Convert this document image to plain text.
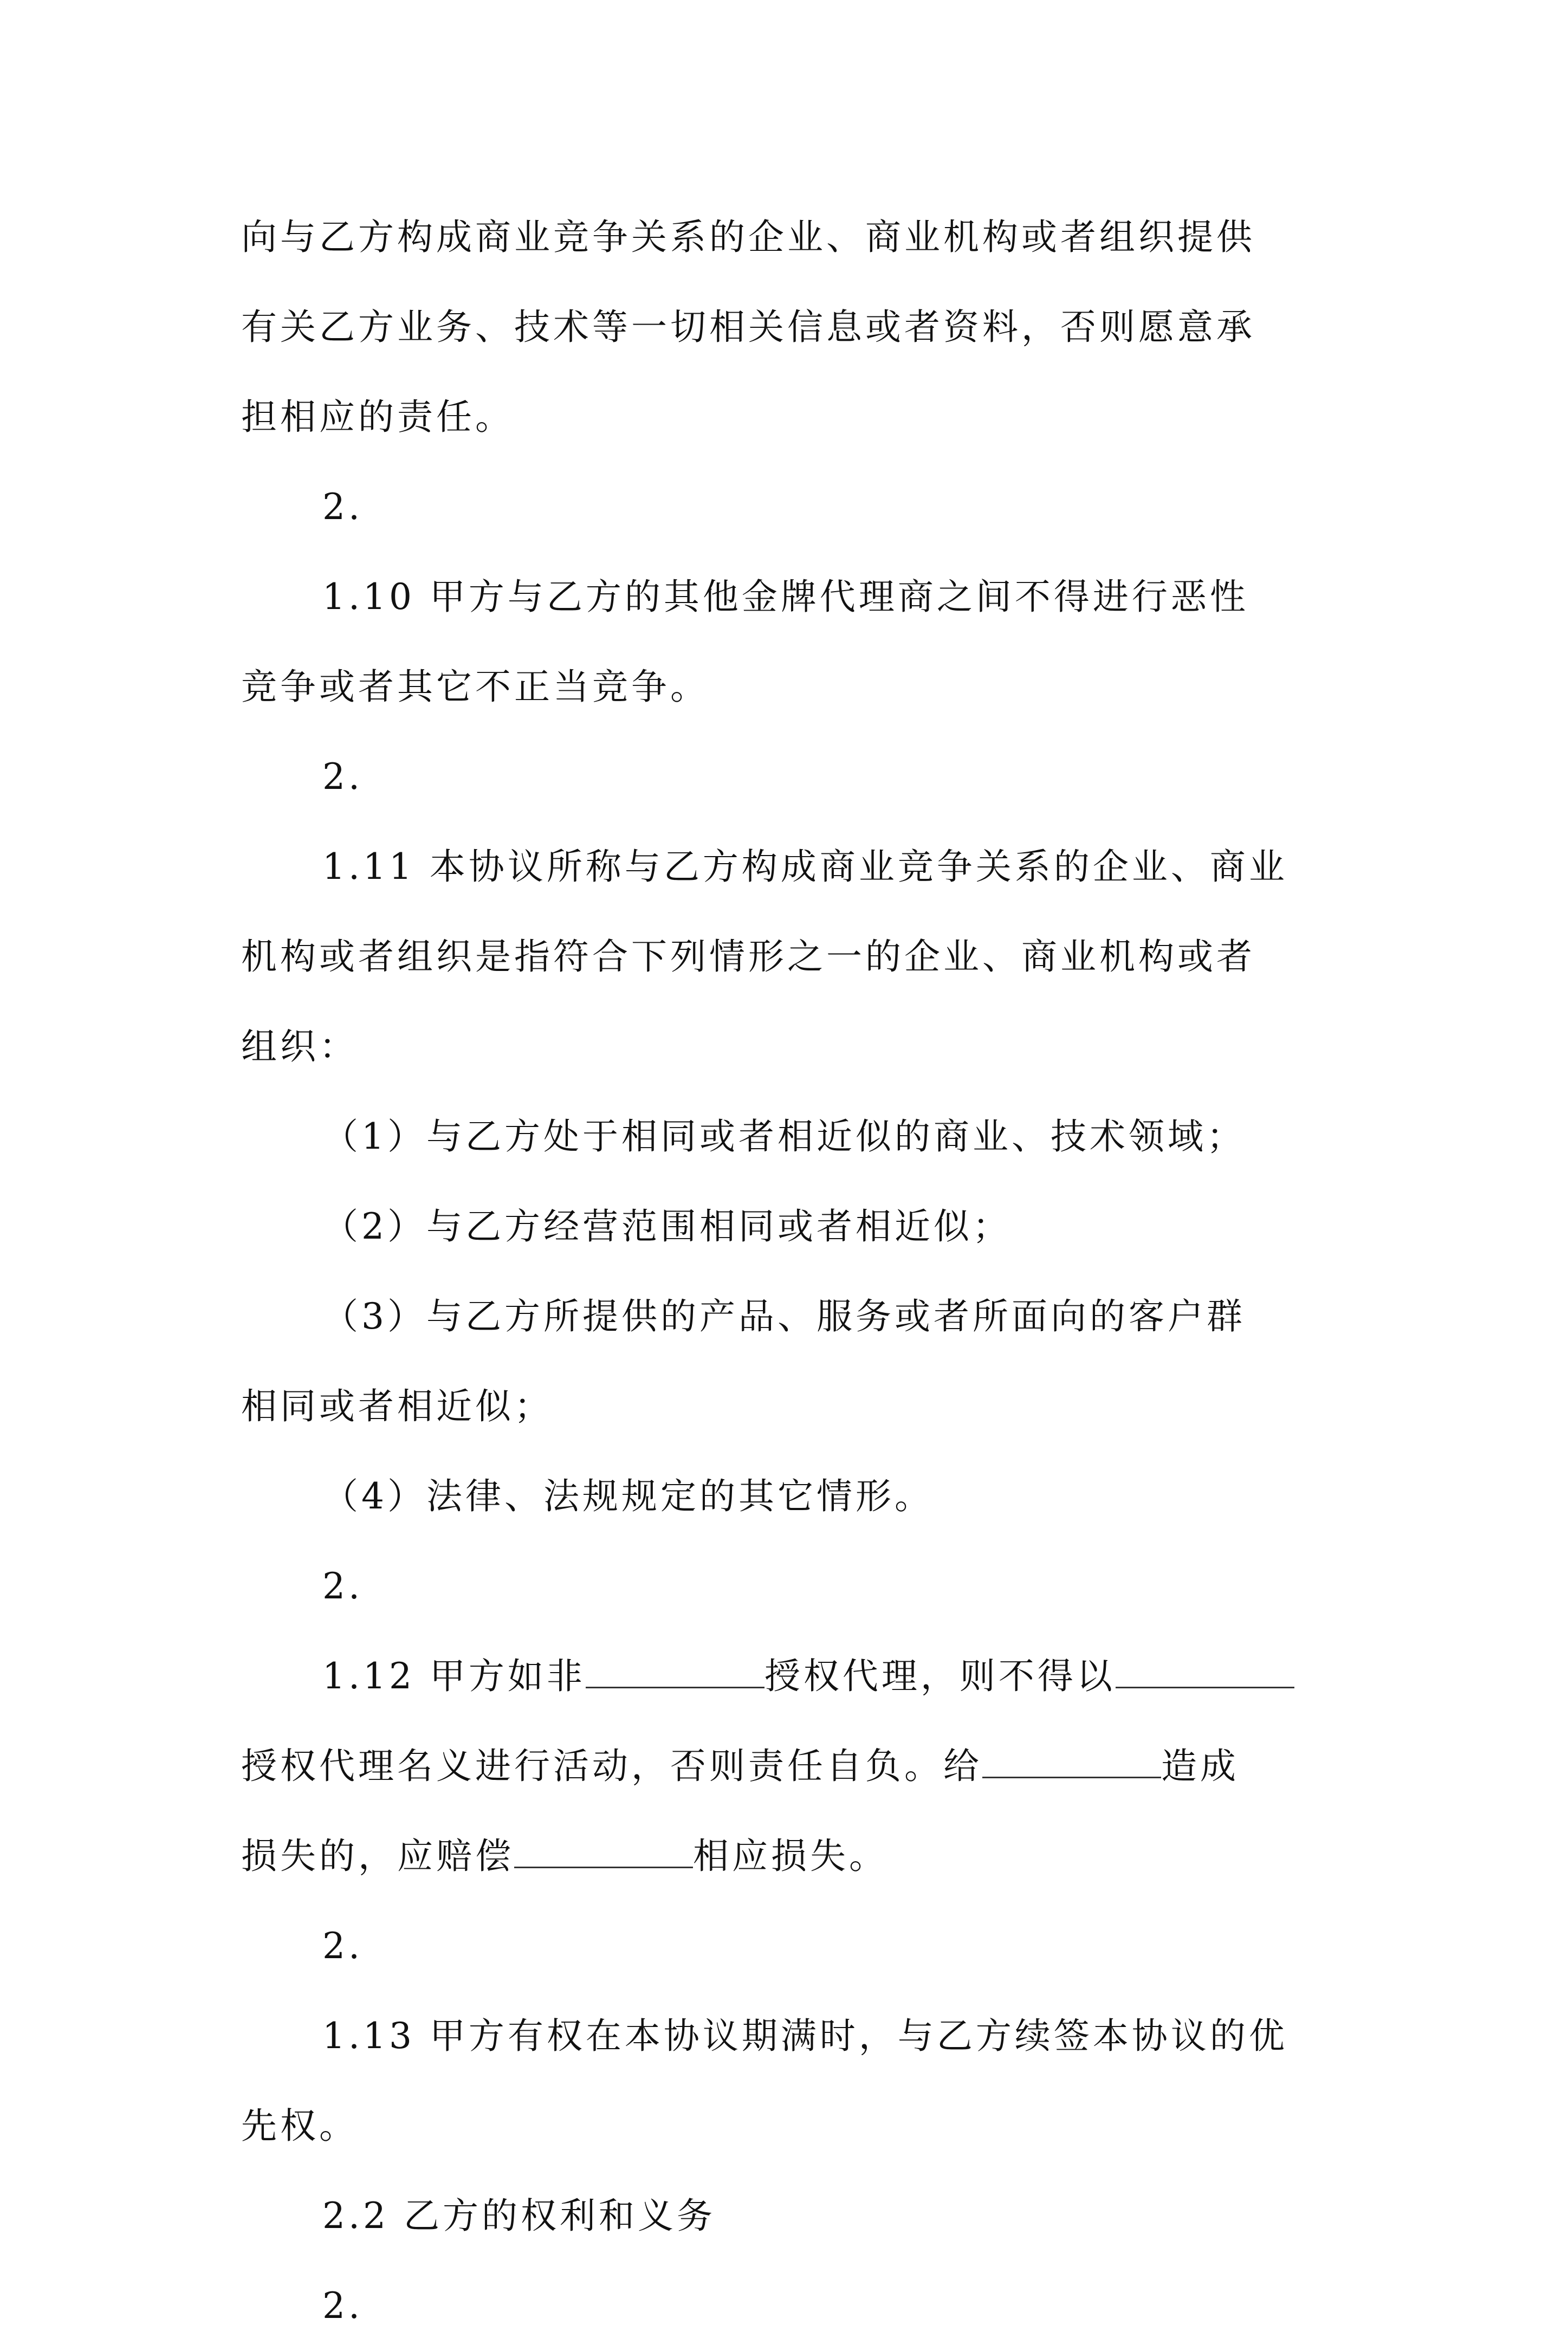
向与乙方构成商业竞争关系的企业、商业机构或者组织提供
有关乙方业务、技术等一切相关信息或者资料，否则愿意承
担相应的责任。
2.
1.10 甲方与乙方的其他金牌代理商之间不得进行恶性
竞争或者其它不正当竞争。
2.
1.11 本协议所称与乙方构成商业竞争关系的企业、商业
机构或者组织是指符合下列情形之一的企业、商业机构或者
组织：
（1）与乙方处于相同或者相近似的商业、技术领域；
（2）与乙方经营范围相同或者相近似；
（3）与乙方所提供的产品、服务或者所面向的客户群
相同或者相近似；
（4）法律、法规规定的其它情形。
2.
1.12 甲方如非	授权代理，则不得以
授权代理名义进行活动，否则责任自负。给	造成
损失的，应赔偿	相应损失。
2.
1.13 甲方有权在本协议期满时，与乙方续签本协议的优
先权。
2.2 乙方的权利和义务
2.
